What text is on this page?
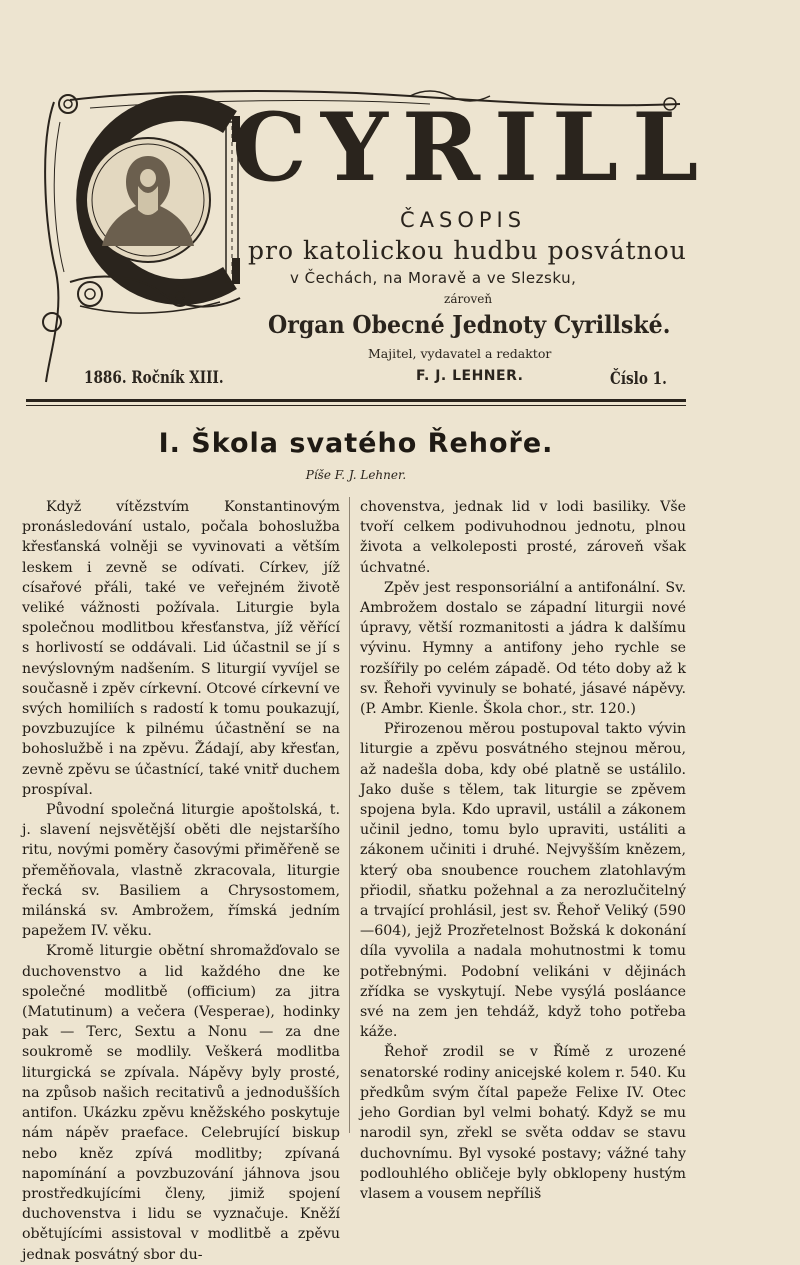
CYRILL

ČASOPIS

pro katolickou hudbu posvátnou

v Čechách, na Moravě a ve Slezsku,

zároveň

Organ Obecné Jednoty Cyrillské.

Majitel, vydavatel a redaktor

1886. Ročník XIII.	F. J. LEHNER.	Číslo 1.

I. Škola svatého Řehoře.

Píše F. J. Lehner.

Když vítězstvím Konstantinovým pronásledování ustalo, počala bohoslužba křesťanská volněji se vyvinovati a větším leskem i zevně se odívati. Církev, jíž císařové přáli, také ve veřejném životě veliké vážnosti požívala. Liturgie byla společnou modlitbou křesťanstva, jíž věřící s horlivostí se oddávali. Lid účastnil se jí s nevýslovným nadšením. S liturgií vyvíjel se současně i zpěv církevní. Otcové církevní ve svých homiliích s radostí k tomu poukazují, povzbuzujíce k pilnému účastnění se na bohoslužbě i na zpěvu. Žádají, aby křesťan, zevně zpěvu se účastnící, také vnitř duchem prospíval.

Původní společná liturgie apoštolská, t. j. slavení nejsvětější oběti dle nejstaršího ritu, novými poměry časovými přiměřeně se přeměňovala, vlastně zkracovala, liturgie řecká sv. Basiliem a Chrysostomem, milánská sv. Ambrožem, římská jedním papežem IV. věku.

Kromě liturgie obětní shromažďovalo se duchovenstvo a lid každého dne ke společné modlitbě (officium) za jitra (Matutinum) a večera (Vesperae), hodinky pak — Terc, Sextu a Nonu — za dne soukromě se modlily. Veškerá modlitba liturgická se zpívala. Nápěvy byly prosté, na způsob našich recitativů a jednodušších antifon. Ukázku zpěvu kněžského poskytuje nám nápěv praeface. Celebrující biskup nebo kněz zpívá modlitby; zpívaná napomínání a povzbuzování jáhnova jsou prostředkujícími členy, jimiž spojení duchovenstva i lidu se vyznačuje. Kněží obětujícími assistoval v modlitbě a zpěvu jednak posvátný sbor du-

chovenstva, jednak lid v lodi basiliky. Vše tvoří celkem podivuhodnou jednotu, plnou života a velkoleposti prosté, zároveň však úchvatné.

Zpěv jest responsoriální a antifonální. Sv. Ambrožem dostalo se západní liturgii nové úpravy, větší rozmanitosti a jádra k dalšímu vývinu. Hymny a antifony jeho rychle se rozšířily po celém západě. Od této doby až k sv. Řehoři vyvinuly se bohaté, jásavé nápěvy. (P. Ambr. Kienle. Škola chor., str. 120.)

Přirozenou měrou postupoval takto vývin liturgie a zpěvu posvátného stejnou měrou, až nadešla doba, kdy obé platně se ustálilo. Jako duše s tělem, tak liturgie se zpěvem spojena byla. Kdo upravil, ustálil a zákonem učinil jedno, tomu bylo upraviti, ustáliti a zákonem učiniti i druhé. Nejvyšším knězem, který oba snoubence rouchem zlatohlavým přiodil, sňatku požehnal a za nerozlučitelný a trvající prohlásil, jest sv. Řehoř Veliký (590—604), jejž Prozřetelnost Božská k dokonání díla vyvolila a nadala mohutnostmi k tomu potřebnými. Podobní velikáni v dějinách zřídka se vyskytují. Nebe vysýlá posláance své na zem jen tehdáž, když toho potřeba káže.

Řehoř zrodil se v Římě z urozené senatorské rodiny anicejské kolem r. 540. Ku předkům svým čítal papeže Felixe IV. Otec jeho Gordian byl velmi bohatý. Když se mu narodil syn, zřekl se světa oddav se stavu duchovnímu. Byl vysoké postavy; vážné tahy podlouhlého obličeje byly obklopeny hustým vlasem a vousem nepříliš
